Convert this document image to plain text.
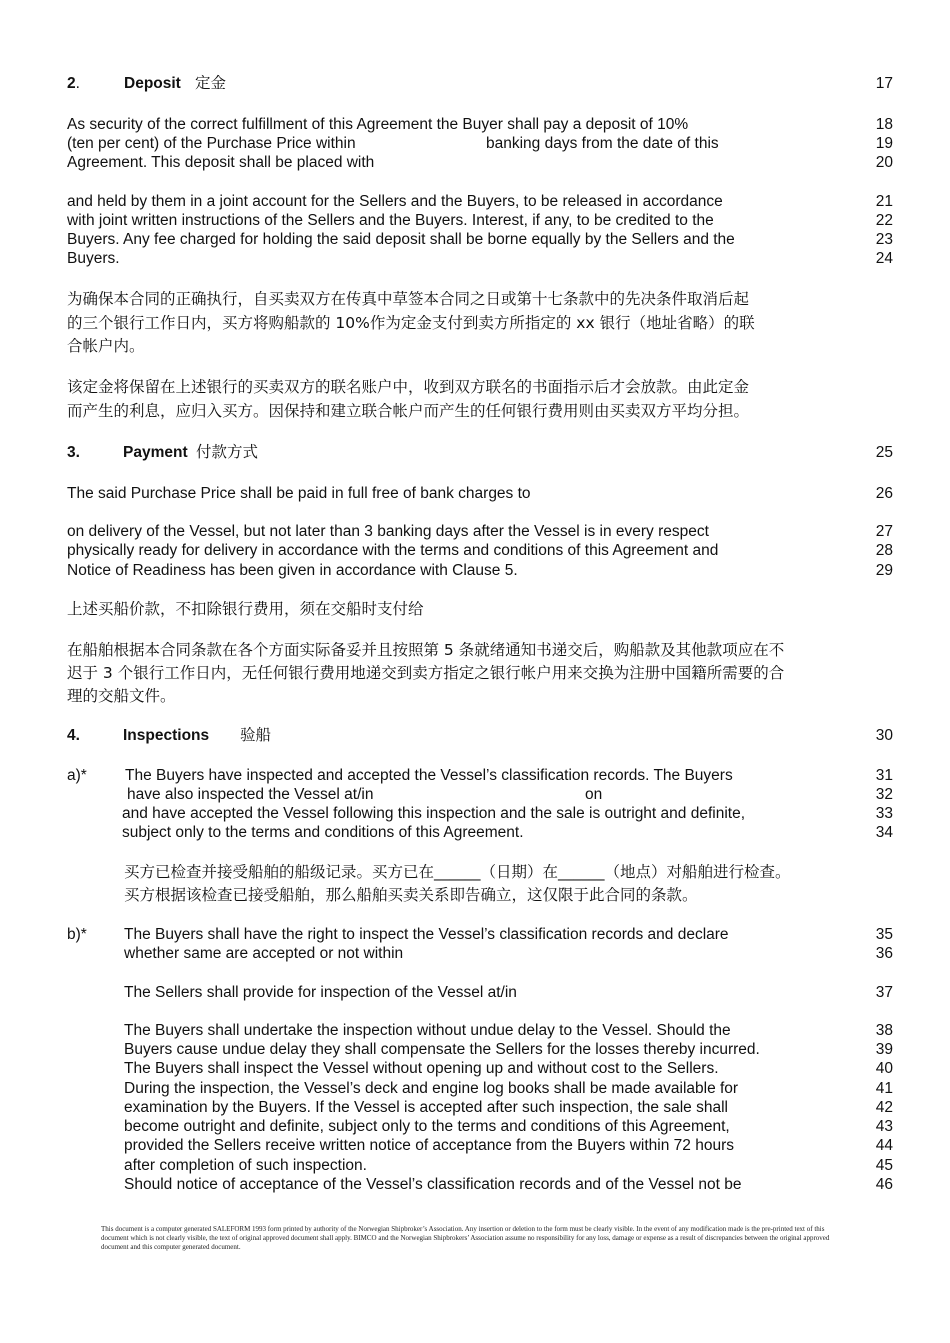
2.	Deposit 定金	17
As security of the correct fulfillment of this Agreement the Buyer shall pay a deposit of 10%	18
(ten per cent) of the Purchase Price within	banking days from the date of this	19
Agreement. This deposit shall be placed with	20
and held by them in a joint account for the Sellers and the Buyers, to be released in accordance	21
with joint written instructions of the Sellers and the Buyers. Interest, if any, to be credited to the	22
Buyers. Any fee charged for holding the said deposit shall be borne equally by the Sellers and the	23
Buyers.	24
为确保本合同的正确执行，自买卖双方在传真中草签本合同之日或第十七条款中的先决条件取消后起
的三个银行工作日内，买方将购船款的 10%作为定金支付到卖方所指定的 xx 银行（地址省略）的联
合帐户内。
该定金将保留在上述银行的买卖双方的联名账户中，收到双方联名的书面指示后才会放款。由此定金
而产生的利息，应归入买方。因保持和建立联合帐户而产生的任何银行费用则由买卖双方平均分担。
3.	Payment 付款方式	25
The said Purchase Price shall be paid in full free of bank charges to	26
on delivery of the Vessel, but not later than 3 banking days after the Vessel is in every respect	27
physically ready for delivery in accordance with the terms and conditions of this Agreement and	28
Notice of Readiness has been given in accordance with Clause 5.	29
上述买船价款，不扣除银行费用，须在交船时支付给
在船舶根据本合同条款在各个方面实际备妥并且按照第 5 条就绪通知书递交后，购船款及其他款项应在不
迟于 3 个银行工作日内，无任何银行费用地递交到卖方指定之银行帐户用来交换为注册中国籍所需要的合
理的交船文件。
4.	Inspections 验船	30
a)* The Buyers have inspected and accepted the Vessel’s classification records. The Buyers	31
have also inspected the Vessel at/in	on	32
and have accepted the Vessel following this inspection and the sale is outright and definite,	33
subject only to the terms and conditions of this Agreement.	34
买方已检查并接受船舶的船级记录。买方已在______（日期）在______（地点）对船舶进行检查。
买方根据该检查已接受船舶，那么船舶买卖关系即告确立，这仅限于此合同的条款。
b)* The Buyers shall have the right to inspect the Vessel’s classification records and declare	35
whether same are accepted or not within	36
The Sellers shall provide for inspection of the Vessel at/in	37
The Buyers shall undertake the inspection without undue delay to the Vessel. Should the	38
Buyers cause undue delay they shall compensate the Sellers for the losses thereby incurred.	39
The Buyers shall inspect the Vessel without opening up and without cost to the Sellers.	40
During the inspection, the Vessel’s deck and engine log books shall be made available for	41
examination by the Buyers. If the Vessel is accepted after such inspection, the sale shall	42
become outright and definite, subject only to the terms and conditions of this Agreement,	43
provided the Sellers receive written notice of acceptance from the Buyers within 72 hours	44
after completion of such inspection.	45
Should notice of acceptance of the Vessel’s classification records and of the Vessel not be	46
This document is a computer generated SALEFORM 1993 form printed by authority of the Norwegian Shipbroker’s Association. Any insertion or deletion to the form must be clearly visible. In the event of any modification made is the pre-printed text of this document which is not clearly visible, the text of original approved document shall apply. BIMCO and the Norwegian Shipbrokers’ Association assume no responsibility for any loss, damage or expense as a result of discrepancies between the original approved document and this computer generated document.
